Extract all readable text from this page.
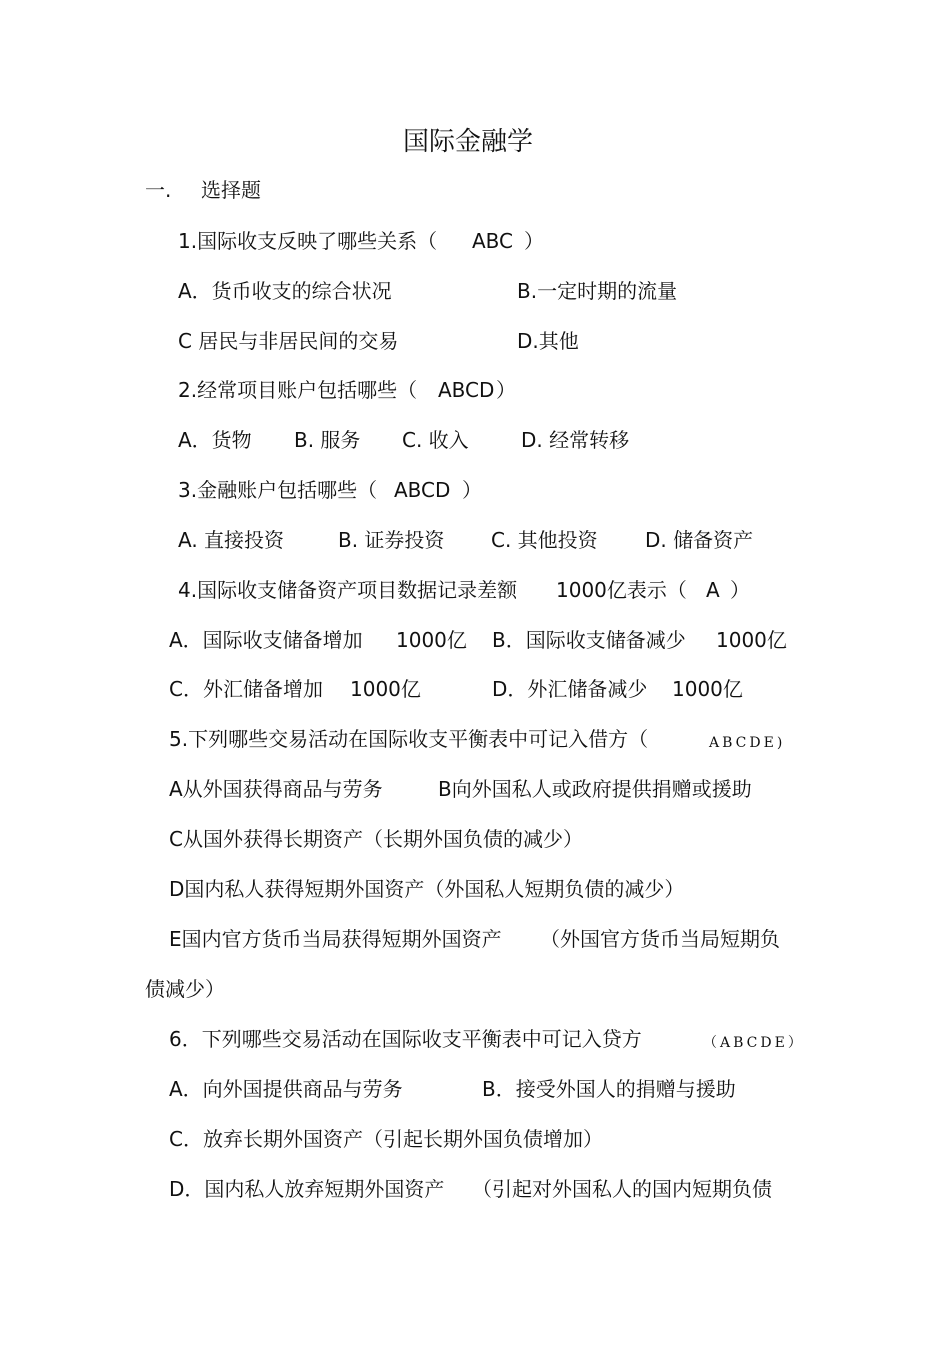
国际金融学
一. 选择题
1.国际收支反映了哪些关系（ ABC ）
A．货币收支的综合状况	B.一定时期的流量
C 居民与非居民间的交易	D.其他
2.经常项目账户包括哪些（ ABCD ）
A．货物 B. 服务 C. 收入	D. 经常转移
3.金融账户包括哪些（ ABCD ）
A. 直接投资	B. 证券投资 C. 其他投资 D. 储备资产
4.国际收支储备资产项目数据记录差额 1000亿表示（ A ）
A．国际收支储备增加 1000亿 B．国际收支储备减少 1000亿
C．外汇储备增加 1000亿	D．外汇储备减少 1000亿
5.下列哪些交易活动在国际收支平衡表中可记入借方（	ABCDE)
A从外国获得商品与劳务	B向外国私人或政府提供捐赠或援助
C从国外获得长期资产（长期外国负债的减少）
D国内私人获得短期外国资产（外国私人短期负债的减少）
E国内官方货币当局获得短期外国资产 （外国官方货币当局短期负
债减少）
6．下列哪些交易活动在国际收支平衡表中可记入贷方	（ABCDE）
A．向外国提供商品与劳务	B．接受外国人的捐赠与援助
C．放弃长期外国资产（引起长期外国负债增加）
D．国内私人放弃短期外国资产 （引起对外国私人的国内短期负债
